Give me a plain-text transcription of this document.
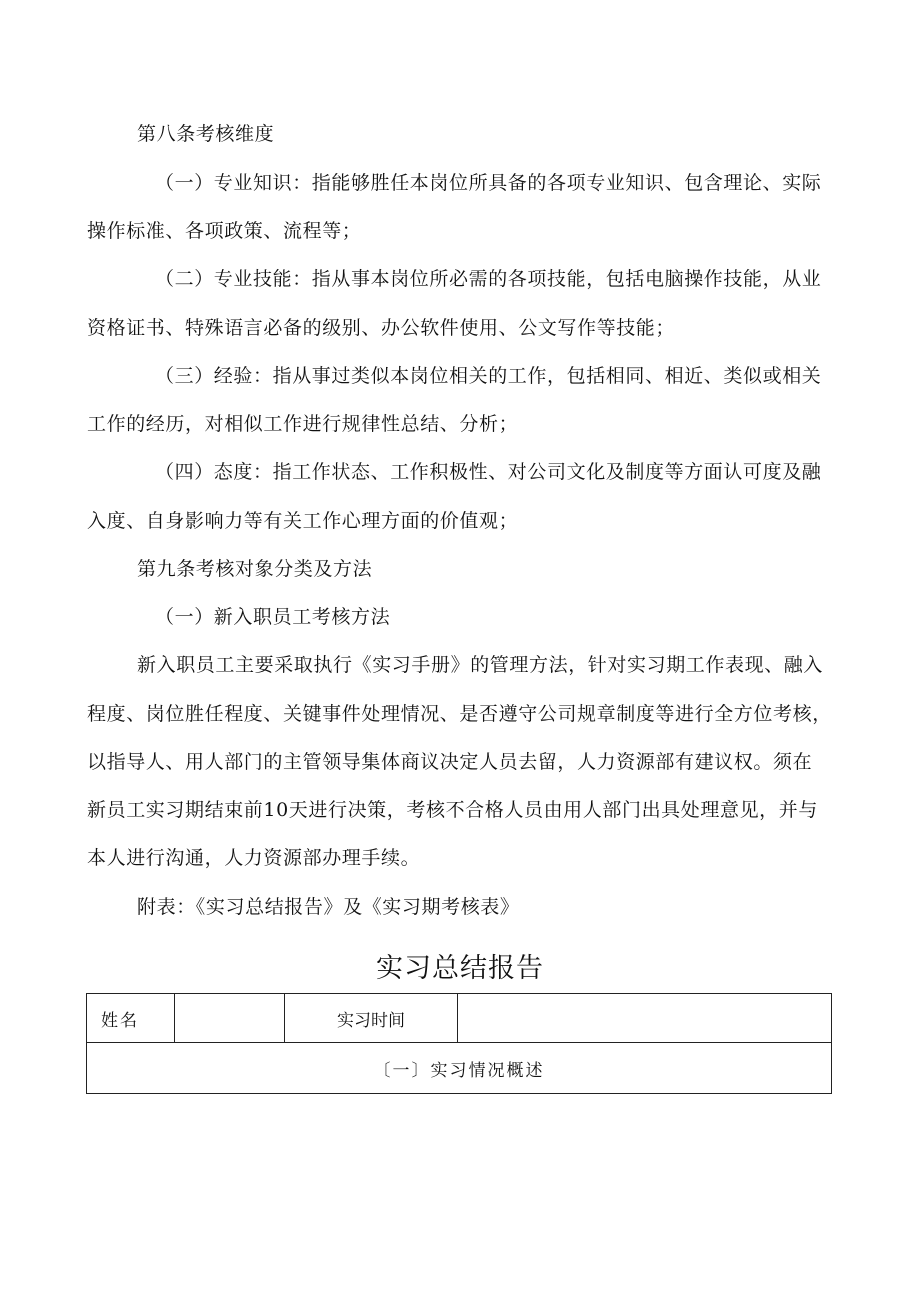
第八条考核维度
（一）专业知识：指能够胜任本岗位所具备的各项专业知识、包含理论、实际
操作标准、各项政策、流程等；
（二）专业技能：指从事本岗位所必需的各项技能，包括电脑操作技能，从业
资格证书、特殊语言必备的级别、办公软件使用、公文写作等技能；
（三）经验：指从事过类似本岗位相关的工作，包括相同、相近、类似或相关
工作的经历，对相似工作进行规律性总结、分析；
（四）态度：指工作状态、工作积极性、对公司文化及制度等方面认可度及融
入度、自身影响力等有关工作心理方面的价值观；
第九条考核对象分类及方法
（一）新入职员工考核方法
新入职员工主要采取执行《实习手册》的管理方法，针对实习期工作表现、融入
程度、岗位胜任程度、关键事件处理情况、是否遵守公司规章制度等进行全方位考核，
以指导人、用人部门的主管领导集体商议决定人员去留，人力资源部有建议权。须在
新员工实习期结束前10天进行决策，考核不合格人员由用人部门出具处理意见，并与
本人进行沟通，人力资源部办理手续。
附表：《实习总结报告》及《实习期考核表》
实习总结报告
姓名		实习时间	
〔一〕实习情况概述
